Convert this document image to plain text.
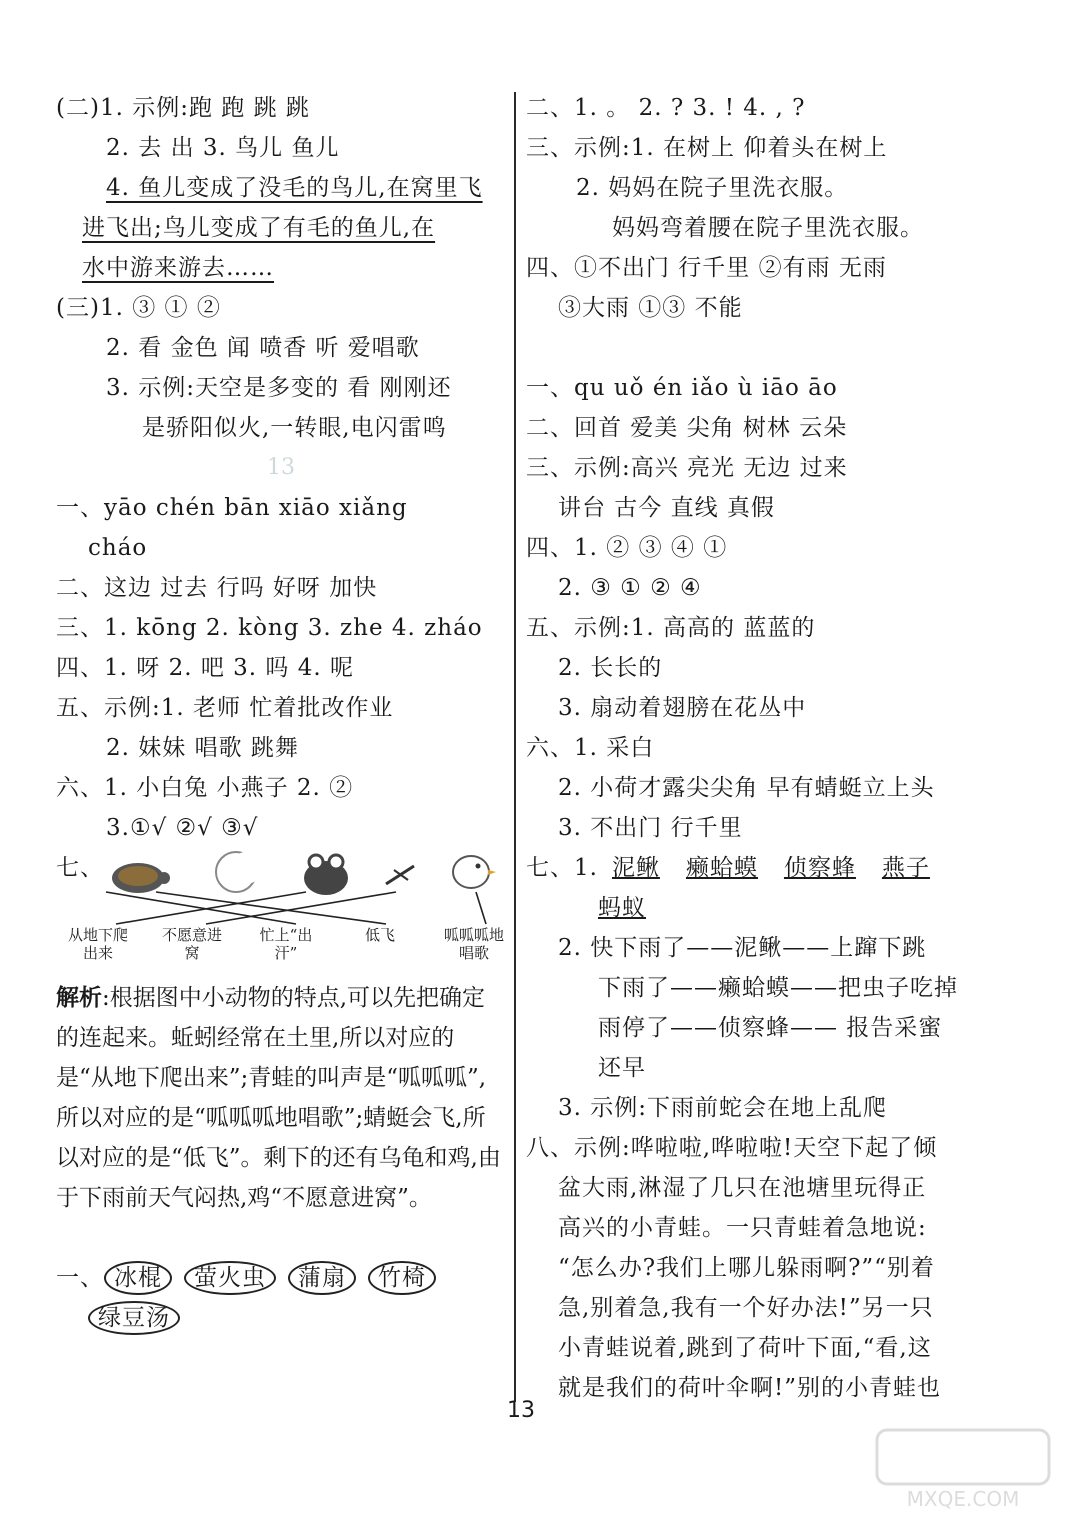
(二)1. 示例:跑 跑 跳 跳
2. 去 出 3. 鸟儿 鱼儿
4. 鱼儿变成了没毛的鸟儿,在窝里飞
进飞出;鸟儿变成了有毛的鱼儿,在
水中游来游去……
(三)1. ③ ① ②
2. 看 金色 闻 喷香 听 爱唱歌
3. 示例:天空是多变的 看 刚刚还
是骄阳似火,一转眼,电闪雷鸣
13
一、yāo chén bān xiāo xiǎng
cháo
二、这边 过去 行吗 好呀 加快
三、1. kōng 2. kòng 3. zhe 4. zháo
四、1. 呀 2. 吧 3. 吗 4. 呢
五、示例:1. 老师 忙着批改作业
2. 妹妹 唱歌 跳舞
六、1. 小白兔 小燕子 2. ②
3.①√ ②√ ③√
七、
从地下爬出来
不愿意进窝
忙上“出汗”
低飞	呱呱呱地唱歌
解析:根据图中小动物的特点,可以先把确定的连起来。蚯蚓经常在土里,所以对应的是“从地下爬出来”;青蛙的叫声是“呱呱呱”,所以对应的是“呱呱呱地唱歌”;蜻蜓会飞,所以对应的是“低飞”。剩下的还有乌龟和鸡,由于下雨前天气闷热,鸡“不愿意进窝”。
一、 冰棍 萤火虫 蒲扇 竹椅
绿豆汤
二、1. 。 2. ? 3. ! 4. , ?
三、示例:1. 在树上 仰着头在树上
2. 妈妈在院子里洗衣服。
妈妈弯着腰在院子里洗衣服。
四、①不出门 行千里 ②有雨 无雨
③大雨 ①③ 不能
一、qu uǒ én iǎo ù iāo āo
二、回首 爱美 尖角 树林 云朵
三、示例:高兴 亮光 无边 过来
讲台 古今 直线 真假
四、1. ② ③ ④ ①
2. ③ ① ② ④
五、示例:1. 高高的 蓝蓝的
2. 长长的
3. 扇动着翅膀在花丛中
六、1. 采白
2. 小荷才露尖尖角 早有蜻蜓立上头
3. 不出门 行千里
七、1. 泥鳅 癞蛤蟆 侦察蜂 燕子
蚂蚁
2. 快下雨了——泥鳅——上蹿下跳
下雨了——癞蛤蟆——把虫子吃掉
雨停了——侦察蜂—— 报告采蜜
还早
3. 示例:下雨前蛇会在地上乱爬
八、示例:哗啦啦,哗啦啦!天空下起了倾
盆大雨,淋湿了几只在池塘里玩得正
高兴的小青蛙。一只青蛙着急地说:
“怎么办?我们上哪儿躲雨啊?”“别着
急,别着急,我有一个好办法!”另一只
小青蛙说着,跳到了荷叶下面,“看,这
就是我们的荷叶伞啊!”别的小青蛙也
13
MXQE.COM
